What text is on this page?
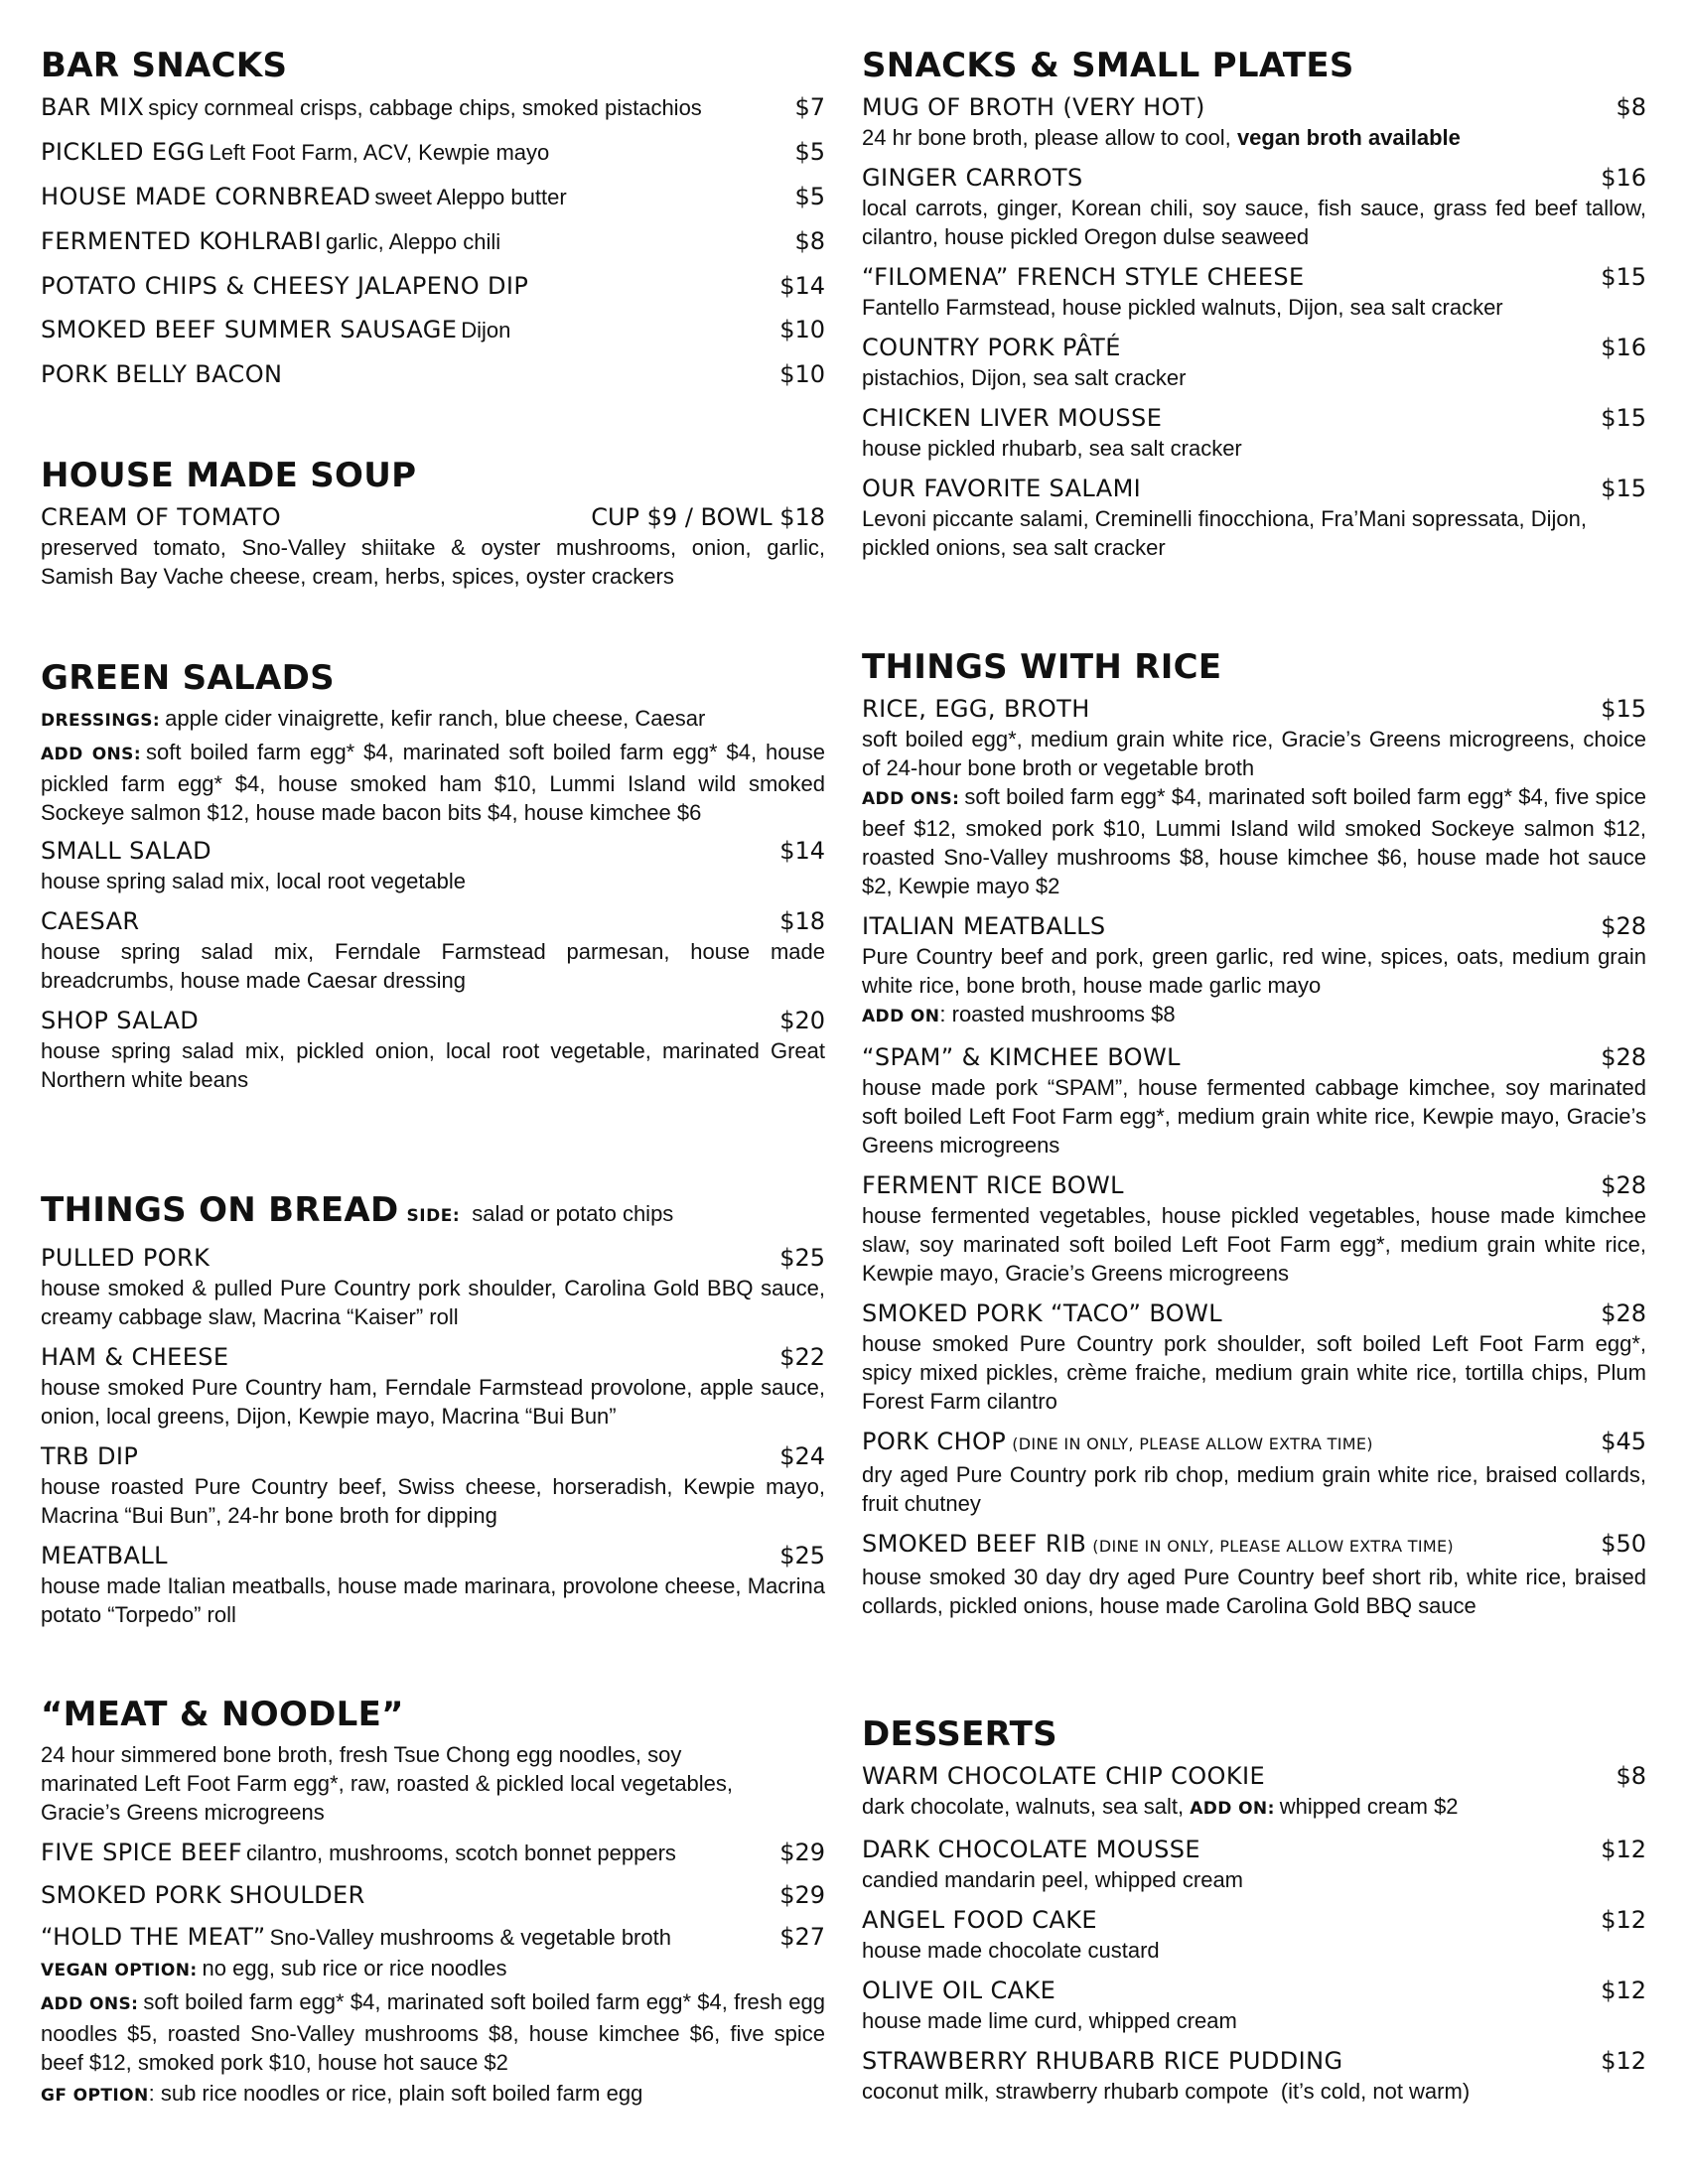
BAR SNACKS
BAR MIX spicy cornmeal crisps, cabbage chips, smoked pistachios	$7
PICKLED EGG Left Foot Farm, ACV, Kewpie mayo	$5
HOUSE MADE CORNBREAD sweet Aleppo butter	$5
FERMENTED KOHLRABI garlic, Aleppo chili	$8
POTATO CHIPS & CHEESY JALAPENO DIP	$14
SMOKED BEEF SUMMER SAUSAGE Dijon	$10
PORK BELLY BACON	$10
HOUSE MADE SOUP
CREAM OF TOMATO	CUP $9 / BOWL $18
preserved tomato, Sno-Valley shiitake & oyster mushrooms, onion, garlic, Samish Bay Vache cheese, cream, herbs, spices, oyster crackers
GREEN SALADS
DRESSINGS: apple cider vinaigrette, kefir ranch, blue cheese, Caesar
ADD ONS: soft boiled farm egg* $4, marinated soft boiled farm egg* $4, house pickled farm egg* $4, house smoked ham $10, Lummi Island wild smoked Sockeye salmon $12, house made bacon bits $4, house kimchee $6
SMALL SALAD	$14
house spring salad mix, local root vegetable
CAESAR	$18
house spring salad mix, Ferndale Farmstead parmesan, house made breadcrumbs, house made Caesar dressing
SHOP SALAD	$20
house spring salad mix, pickled onion, local root vegetable, marinated Great Northern white beans
THINGS ON BREAD SIDE: salad or potato chips
PULLED PORK	$25
house smoked & pulled Pure Country pork shoulder, Carolina Gold BBQ sauce, creamy cabbage slaw, Macrina “Kaiser” roll
HAM & CHEESE	$22
house smoked Pure Country ham, Ferndale Farmstead provolone, apple sauce, onion, local greens, Dijon, Kewpie mayo, Macrina “Bui Bun”
TRB DIP	$24
house roasted Pure Country beef, Swiss cheese, horseradish, Kewpie mayo, Macrina “Bui Bun”, 24-hr bone broth for dipping
MEATBALL	$25
house made Italian meatballs, house made marinara, provolone cheese, Macrina potato “Torpedo” roll
“MEAT & NOODLE”
24 hour simmered bone broth, fresh Tsue Chong egg noodles, soy marinated Left Foot Farm egg*, raw, roasted & pickled local vegetables, Gracie’s Greens microgreens
FIVE SPICE BEEF cilantro, mushrooms, scotch bonnet peppers	$29
SMOKED PORK SHOULDER	$29
“HOLD THE MEAT” Sno-Valley mushrooms & vegetable broth	$27
VEGAN OPTION: no egg, sub rice or rice noodles
ADD ONS: soft boiled farm egg* $4, marinated soft boiled farm egg* $4, fresh egg noodles $5, roasted Sno-Valley mushrooms $8, house kimchee $6, five spice beef $12, smoked pork $10, house hot sauce $2
GF OPTION: sub rice noodles or rice, plain soft boiled farm egg
SNACKS & SMALL PLATES
MUG OF BROTH (VERY HOT)	$8
24 hr bone broth, please allow to cool, vegan broth available
GINGER CARROTS	$16
local carrots, ginger, Korean chili, soy sauce, fish sauce, grass fed beef tallow, cilantro, house pickled Oregon dulse seaweed
“FILOMENA” FRENCH STYLE CHEESE	$15
Fantello Farmstead, house pickled walnuts, Dijon, sea salt cracker
COUNTRY PORK PÂTÉ	$16
pistachios, Dijon, sea salt cracker
CHICKEN LIVER MOUSSE	$15
house pickled rhubarb, sea salt cracker
OUR FAVORITE SALAMI	$15
Levoni piccante salami, Creminelli finocchiona, Fra’Mani sopressata, Dijon, pickled onions, sea salt cracker
THINGS WITH RICE
RICE, EGG, BROTH	$15
soft boiled egg*, medium grain white rice, Gracie’s Greens microgreens, choice of 24-hour bone broth or vegetable broth
ADD ONS: soft boiled farm egg* $4, marinated soft boiled farm egg* $4, five spice beef $12, smoked pork $10, Lummi Island wild smoked Sockeye salmon $12, roasted Sno-Valley mushrooms $8, house kimchee $6, house made hot sauce $2, Kewpie mayo $2
ITALIAN MEATBALLS	$28
Pure Country beef and pork, green garlic, red wine, spices, oats, medium grain white rice, bone broth, house made garlic mayo
ADD ON: roasted mushrooms $8
“SPAM” & KIMCHEE BOWL	$28
house made pork “SPAM”, house fermented cabbage kimchee, soy marinated soft boiled Left Foot Farm egg*, medium grain white rice, Kewpie mayo, Gracie’s Greens microgreens
FERMENT RICE BOWL	$28
house fermented vegetables, house pickled vegetables, house made kimchee slaw, soy marinated soft boiled Left Foot Farm egg*, medium grain white rice, Kewpie mayo, Gracie’s Greens microgreens
SMOKED PORK “TACO” BOWL	$28
house smoked Pure Country pork shoulder, soft boiled Left Foot Farm egg*, spicy mixed pickles, crème fraiche, medium grain white rice, tortilla chips, Plum Forest Farm cilantro
PORK CHOP (DINE IN ONLY, PLEASE ALLOW EXTRA TIME)	$45
dry aged Pure Country pork rib chop, medium grain white rice, braised collards, fruit chutney
SMOKED BEEF RIB (DINE IN ONLY, PLEASE ALLOW EXTRA TIME)	$50
house smoked 30 day dry aged Pure Country beef short rib, white rice, braised collards, pickled onions, house made Carolina Gold BBQ sauce
DESSERTS
WARM CHOCOLATE CHIP COOKIE	$8
dark chocolate, walnuts, sea salt, ADD ON: whipped cream $2
DARK CHOCOLATE MOUSSE	$12
candied mandarin peel, whipped cream
ANGEL FOOD CAKE	$12
house made chocolate custard
OLIVE OIL CAKE	$12
house made lime curd, whipped cream
STRAWBERRY RHUBARB RICE PUDDING	$12
coconut milk, strawberry rhubarb compote  (it’s cold, not warm)
